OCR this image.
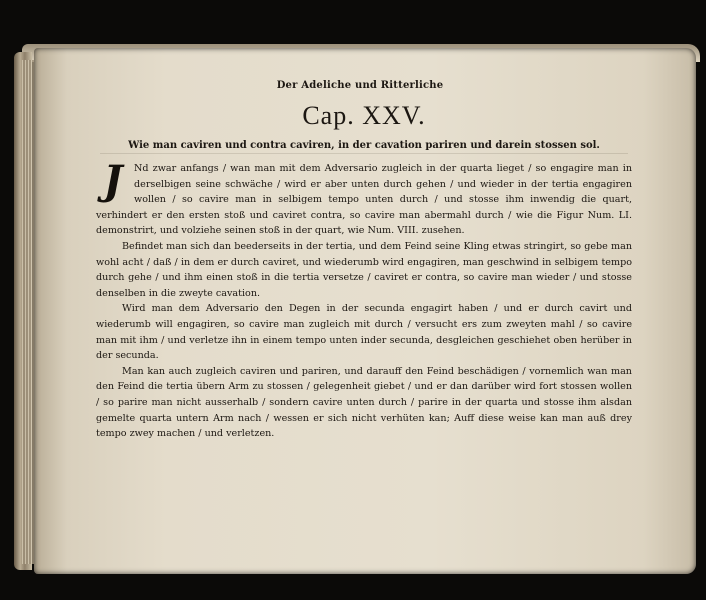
Der Adeliche und Ritterliche
Cap. XXV.
Wie man caviren und contra caviren, in der cavation pariren und darein stossen sol.
J	Nd zwar anfangs / wan man mit dem Adversario zugleich in der quarta lieget / so engagire man in derselbigen seine schwäche / wird er aber unten durch gehen / und wieder in der tertia engagiren wollen / so cavire man in selbigem tempo unten durch / und stosse ihm inwendig die quart, verhindert er den ersten stoß und caviret contra, so cavire man abermahl durch / wie die Figur Num. LI. demonstrirt, und volziehe seinen stoß in der quart, wie Num. VIII. zusehen.

Befindet man sich dan beederseits in der tertia, und dem Feind seine Kling etwas stringirt, so gebe man wohl acht / daß / in dem er durch caviret, und wiederumb wird engagiren, man geschwind in selbigem tempo durch gehe / und ihm einen stoß in die tertia versetze / caviret er contra, so cavire man wieder / und stosse denselben in die zweyte cavation.

Wird man dem Adversario den Degen in der secunda engagirt haben / und er durch cavirt und wiederumb will engagiren, so cavire man zugleich mit durch / versucht ers zum zweyten mahl / so cavire man mit ihm / und verletze ihn in einem tempo unten inder secunda, desgleichen geschiehet oben herüber in der secunda.

Man kan auch zugleich caviren und pariren, und darauff den Feind beschädigen / vornemlich wan man den Feind die tertia übern Arm zu stossen / gelegenheit giebet / und er dan darüber wird fort stossen wollen / so parire man nicht ausserhalb / sondern cavire unten durch / parire in der quarta und stosse ihm alsdan gemelte quarta untern Arm nach / wessen er sich nicht verhüten kan; Auff diese weise kan man auß drey tempo zwey machen / und verletzen.
